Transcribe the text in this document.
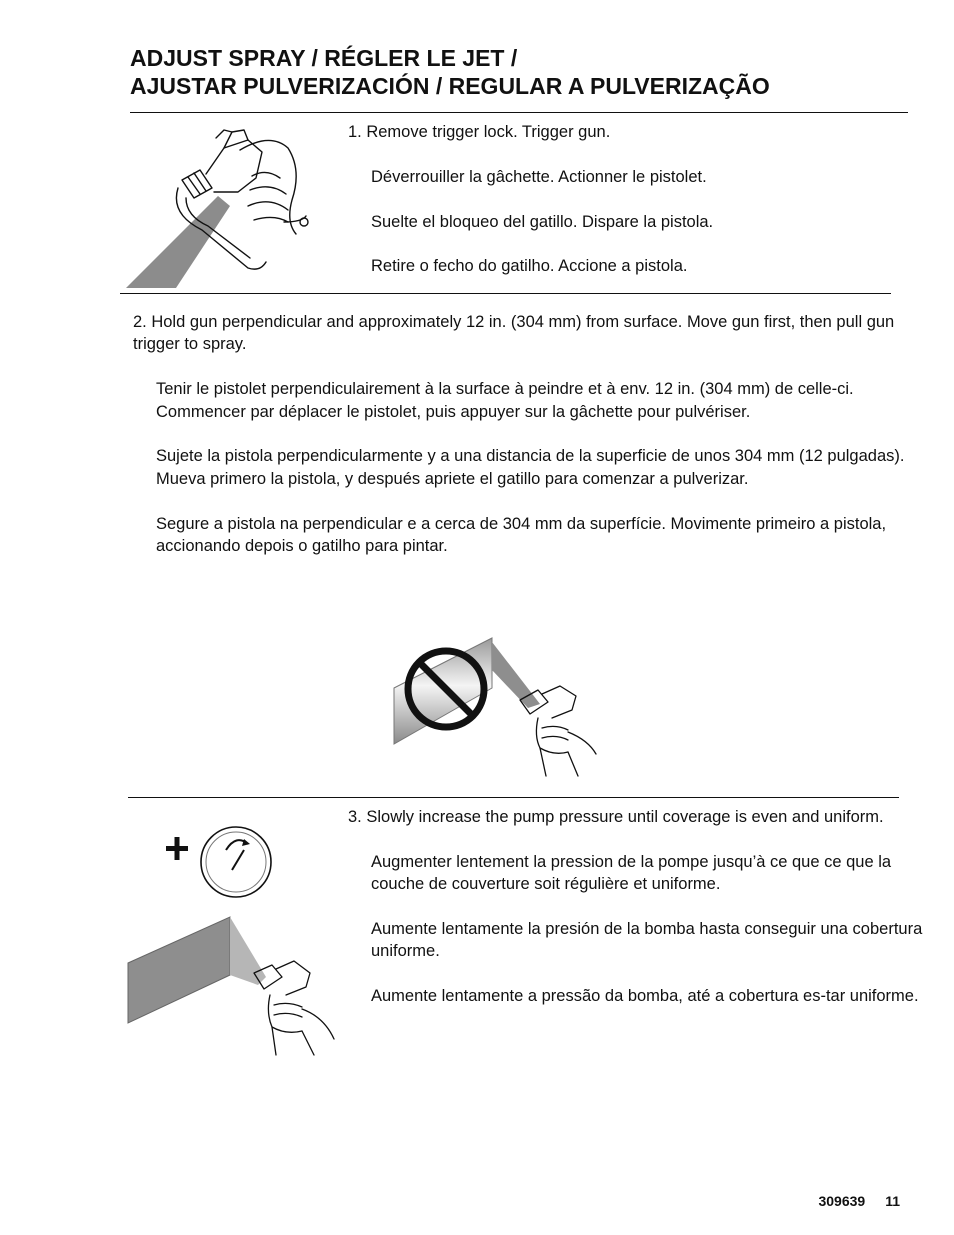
ADJUST SPRAY / RÉGLER LE JET /
AJUSTAR PULVERIZACIÓN / REGULAR A PULVERIZAÇÃO

1. Remove trigger lock. Trigger gun.

Déverrouiller la gâchette. Actionner le pistolet.

Suelte el bloqueo del gatillo. Dispare la pistola.

Retire o fecho do gatilho. Accione a pistola.

2. Hold gun perpendicular and approximately 12 in. (304 mm) from surface. Move gun first, then pull gun trigger to spray.

Tenir le pistolet perpendiculairement à la surface à peindre et à env. 12 in. (304 mm) de celle-ci. Commencer par déplacer le pistolet, puis appuyer sur la gâchette pour pulvériser.

Sujete la pistola perpendicularmente y a una distancia de la superficie de unos 304 mm (12 pulgadas). Mueva primero la pistola, y después apriete el gatillo para comenzar a pulverizar.

Segure a pistola na perpendicular e a cerca de 304 mm da superfície. Movimente primeiro a pistola, accionando depois o gatilho para pintar.

3. Slowly increase the pump pressure until coverage is even and uniform.

Augmenter lentement la pression de la pompe jusqu’à ce que ce que la couche de couverture soit régulière et uniforme.

Aumente lentamente la presión de la bomba hasta conseguir una cobertura uniforme.

Aumente lentamente a pressão da bomba, até a cobertura es-tar uniforme.

309639 11
